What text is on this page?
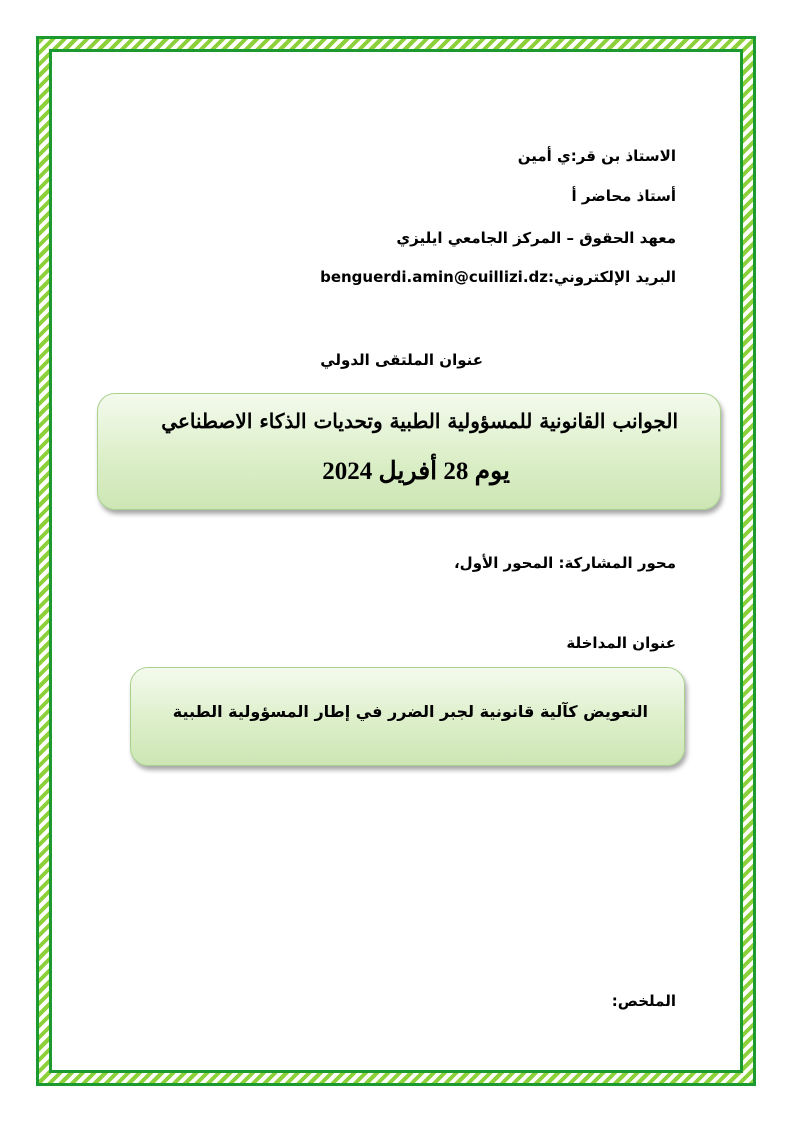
الاستاذ بن قر:ي أمين
أستاذ محاضر أ
معهد الحقوق – المركز الجامعي ايليزي
البريد الإلكتروني:benguerdi.amin@cuillizi.dz
عنوان الملتقى الدولي
الجوانب القانونية للمسؤولية الطبية وتحديات الذكاء الاصطناعي
يوم 28 أفريل 2024
محور المشاركة: المحور الأول،
عنوان المداخلة
التعويض كآلية قانونية لجبر الضرر في إطار المسؤولية الطبية
الملخص:
